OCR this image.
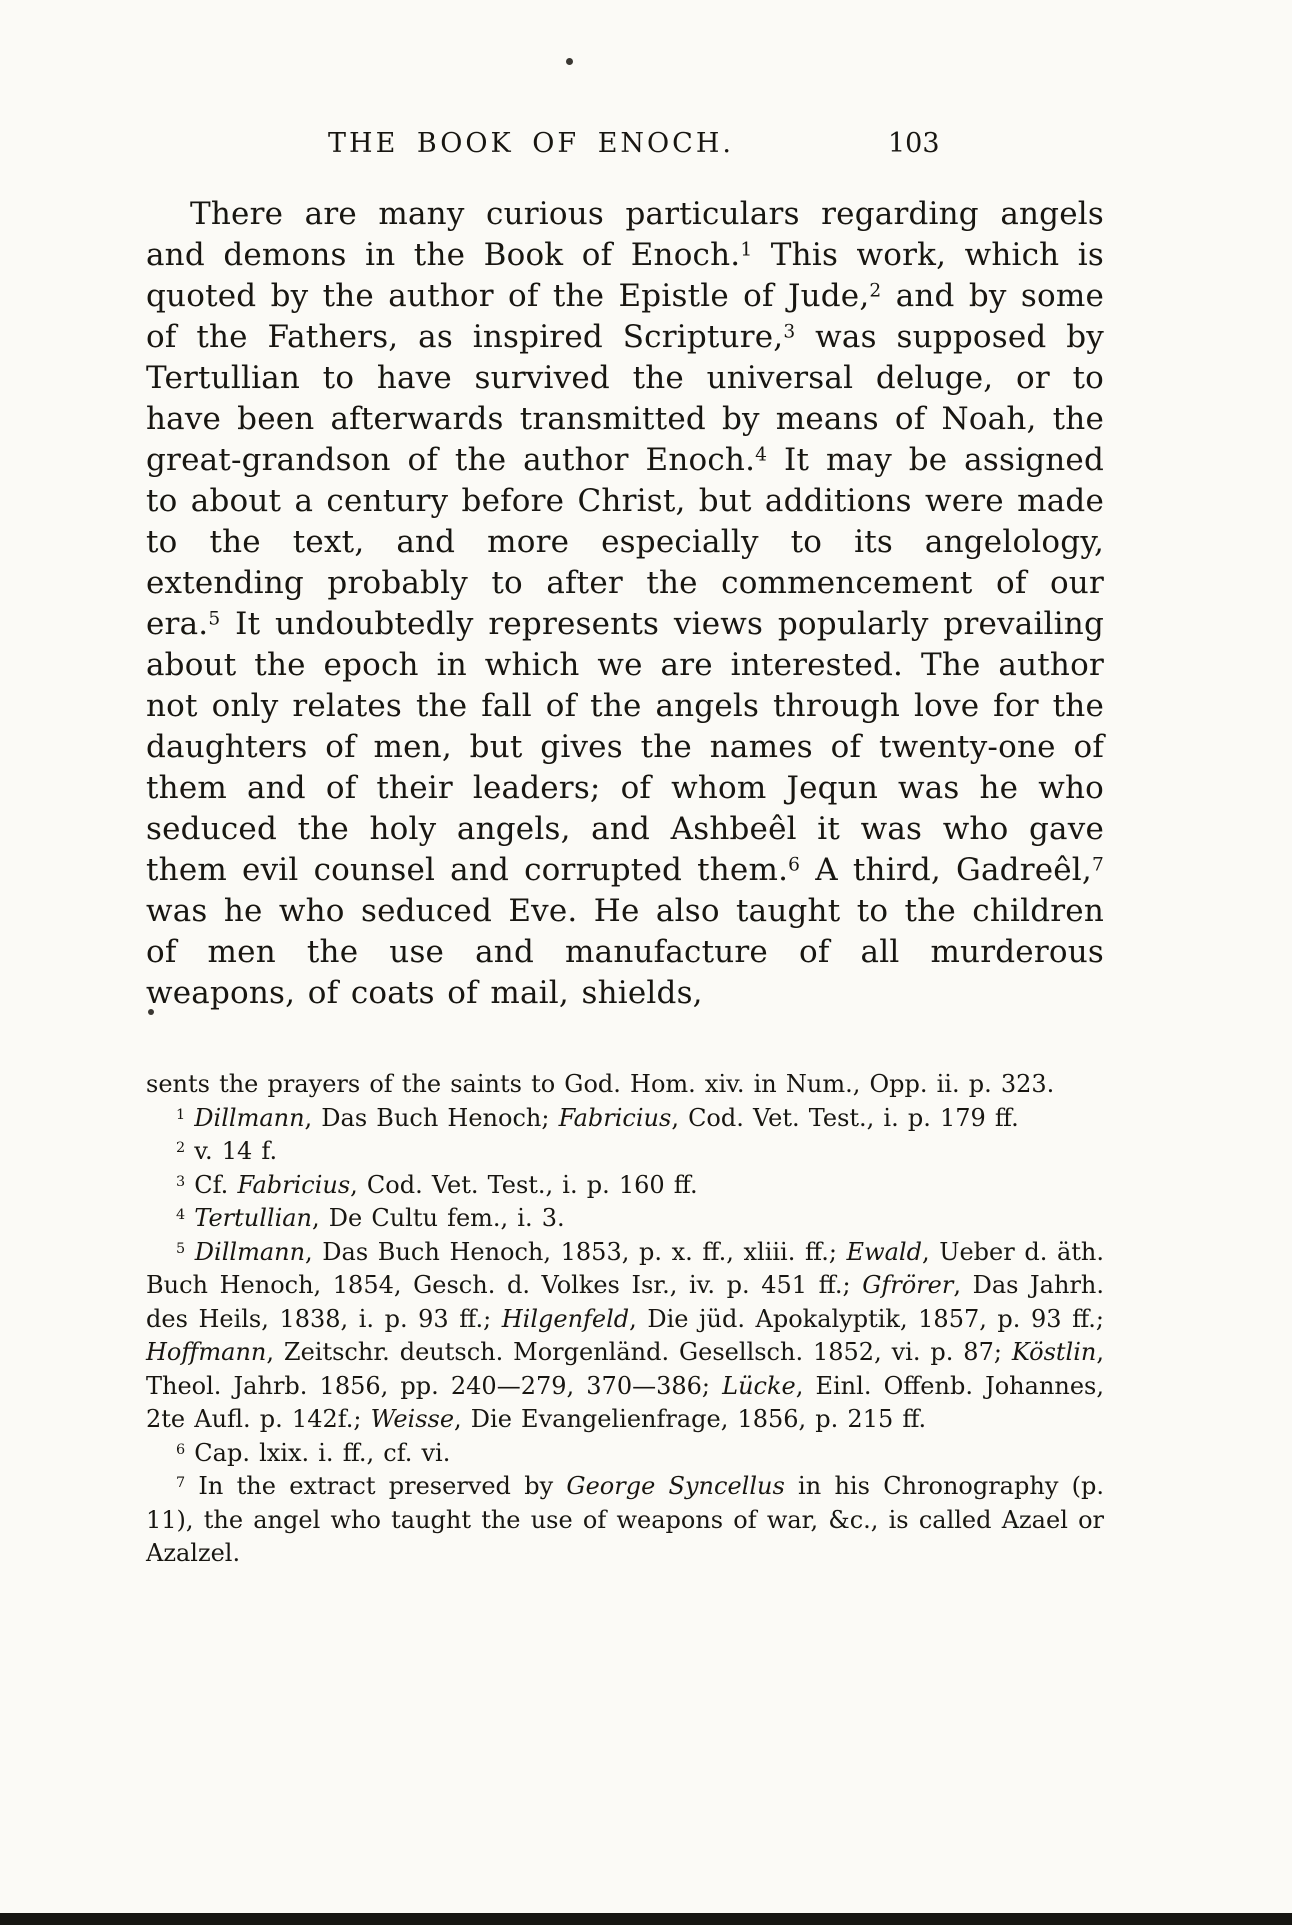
THE BOOK OF ENOCH.	103

There are many curious particulars regarding angels and demons in the Book of Enoch.$^1$ This work, which is quoted by the author of the Epistle of Jude,$^2$ and by some of the Fathers, as inspired Scripture,$^3$ was supposed by Tertullian to have survived the universal deluge, or to have been afterwards transmitted by means of Noah, the great-grandson of the author Enoch.$^4$ It may be assigned to about a century before Christ, but additions were made to the text, and more especially to its angelology, extending probably to after the commencement of our era.$^5$ It undoubtedly represents views popularly prevailing about the epoch in which we are interested. The author not only relates the fall of the angels through love for the daughters of men, but gives the names of twenty-one of them and of their leaders; of whom Jequn was he who seduced the holy angels, and Ashbeêl it was who gave them evil counsel and corrupted them.$^6$ A third, Gadreêl,$^7$ was he who seduced Eve. He also taught to the children of men the use and manufacture of all murderous weapons, of coats of mail, shields,

sents the prayers of the saints to God. Hom. xiv. in Num., Opp. ii. p. 323.

$^1$ Dillmann, Das Buch Henoch; Fabricius, Cod. Vet. Test., i. p. 179 ff.

$^2$ v. 14 f.

$^3$ Cf. Fabricius, Cod. Vet. Test., i. p. 160 ff.

$^4$ Tertullian, De Cultu fem., i. 3.

$^5$ Dillmann, Das Buch Henoch, 1853, p. x. ff., xliii. ff.; Ewald, Ueber d. äth. Buch Henoch, 1854, Gesch. d. Volkes Isr., iv. p. 451 ff.; Gfrörer, Das Jahrh. des Heils, 1838, i. p. 93 ff.; Hilgenfeld, Die jüd. Apokalyptik, 1857, p. 93 ff.; Hoffmann, Zeitschr. deutsch. Morgenländ. Gesellsch. 1852, vi. p. 87; Köstlin, Theol. Jahrb. 1856, pp. 240—279, 370—386; Lücke, Einl. Offenb. Johannes, 2te Aufl. p. 142f.; Weisse, Die Evangelienfrage, 1856, p. 215 ff.

$^6$ Cap. lxix. i. ff., cf. vi.

$^7$ In the extract preserved by George Syncellus in his Chronography (p. 11), the angel who taught the use of weapons of war, &c., is called Azael or Azalzel.
